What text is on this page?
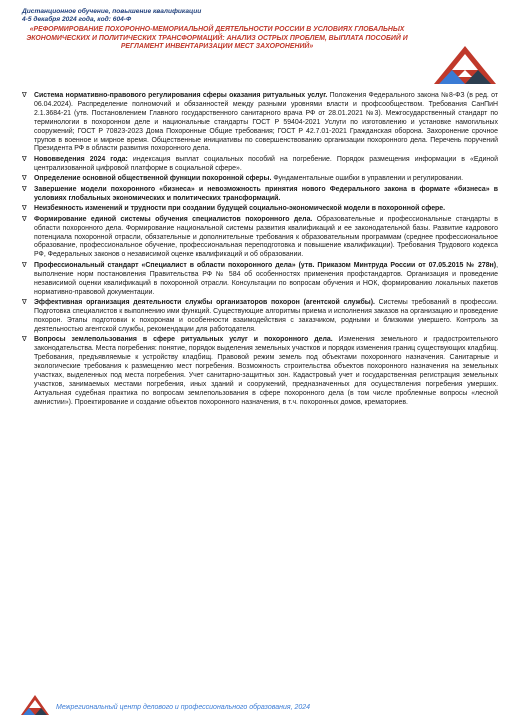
Дистанционное обучение, повышение квалификации
4-5 декабря 2024 года, код: 604-Ф
«РЕФОРМИРОВАНИЕ ПОХОРОННО-МЕМОРИАЛЬНОЙ ДЕЯТЕЛЬНОСТИ РОССИИ В УСЛОВИЯХ ГЛОБАЛЬНЫХ ЭКОНОМИЧЕСКИХ И ПОЛИТИЧЕСКИХ ТРАНСФОРМАЦИЙ: АНАЛИЗ ОСТРЫХ ПРОБЛЕМ, ВЫПЛАТА ПОСОБИЙ И РЕГЛАМЕНТ ИНВЕНТАРИЗАЦИИ МЕСТ ЗАХОРОНЕНИЙ»
∇ Система нормативно-правового регулирования сферы оказания ритуальных услуг. Положения Федерального закона №8-ФЗ (в ред. от 06.04.2024). Распределение полномочий и обязанностей между разными уровнями власти и профсообществом. Требования СанПиН 2.1.3684-21 (утв. Постановлением Главного государственного санитарного врача РФ от 28.01.2021 №3). Межгосударственный стандарт по терминологии в похоронном деле и национальные стандарты ГОСТ Р 59404-2021 Услуги по изготовлению и установке намогильных сооружений; ГОСТ Р 70823-2023 Дома Похоронные Общие требования; ГОСТ Р 42.7.01-2021 Гражданская оборона. Захоронение срочное трупов в военное и мирное время. Общественные инициативы по совершенствованию организации похоронного дела. Перечень поручений Президента РФ в области развития похоронного дела.
∇ Нововведения 2024 года: индексация выплат социальных пособий на погребение. Порядок размещения информации в «Единой централизованной цифровой платформе в социальной сфере».
∇ Определение основной общественной функции похоронной сферы. Фундаментальные ошибки в управлении и регулировании.
∇ Завершение модели похоронного «бизнеса» и невозможность принятия нового Федерального закона в формате «бизнеса» в условиях глобальных экономических и политических трансформаций.
∇ Неизбежность изменений и трудности при создании будущей социально-экономической модели в похоронной сфере.
∇ Формирование единой системы обучения специалистов похоронного дела. Образовательные и профессиональные стандарты в области похоронного дела. Формирование национальной системы развития квалификаций и ее законодательной базы. Развитие кадрового потенциала похоронной отрасли, обязательные и дополнительные требования к образовательным программам (среднее профессиональное образование, профессиональное обучение, профессиональная переподготовка и повышение квалификации). Требования Трудового кодекса РФ, Федеральных законов о независимой оценке квалификаций и об образовании.
∇ Профессиональный стандарт «Специалист в области похоронного дела» (утв. Приказом Минтруда России от 07.05.2015 № 278н), выполнение норм постановления Правительства РФ № 584 об особенностях применения профстандартов. Организация и проведение независимой оценки квалификаций в похоронной отрасли. Консультации по вопросам обучения и НОК, формированию локальных пакетов нормативно-правовой документации.
∇ Эффективная организация деятельности службы организаторов похорон (агентской службы). Системы требований в профессии. Подготовка специалистов к выполнению ими функций. Существующие алгоритмы приема и исполнения заказов на организацию и проведение похорон. Этапы подготовки к похоронам и особенности взаимодействия с заказчиком, родными и близкими умершего. Контроль за деятельностью агентской службы, рекомендации для работодателя.
∇ Вопросы землепользования в сфере ритуальных услуг и похоронного дела. Изменения земельного и градостроительного законодательства. Места погребения: понятие, порядок выделения земельных участков и порядок изменения границ существующих кладбищ. Требования, предъявляемые к устройству кладбищ. Правовой режим земель под объектами похоронного назначения. Санитарные и экологические требования к размещению мест погребения. Возможность строительства объектов похоронного назначения на земельных участках, выделенных под места погребения. Учет санитарно-защитных зон. Кадастровый учет и государственная регистрация земельных участков, занимаемых местами погребения, иных зданий и сооружений, предназначенных для осуществления погребения умерших. Актуальная судебная практика по вопросам землепользования в сфере похоронного дела (в том числе проблемные вопросы «лесной амнистии»). Проектирование и создание объектов похоронного назначения, в т.ч. похоронных домов, крематориев.
Межрегиональный центр делового и профессионального образования, 2024
